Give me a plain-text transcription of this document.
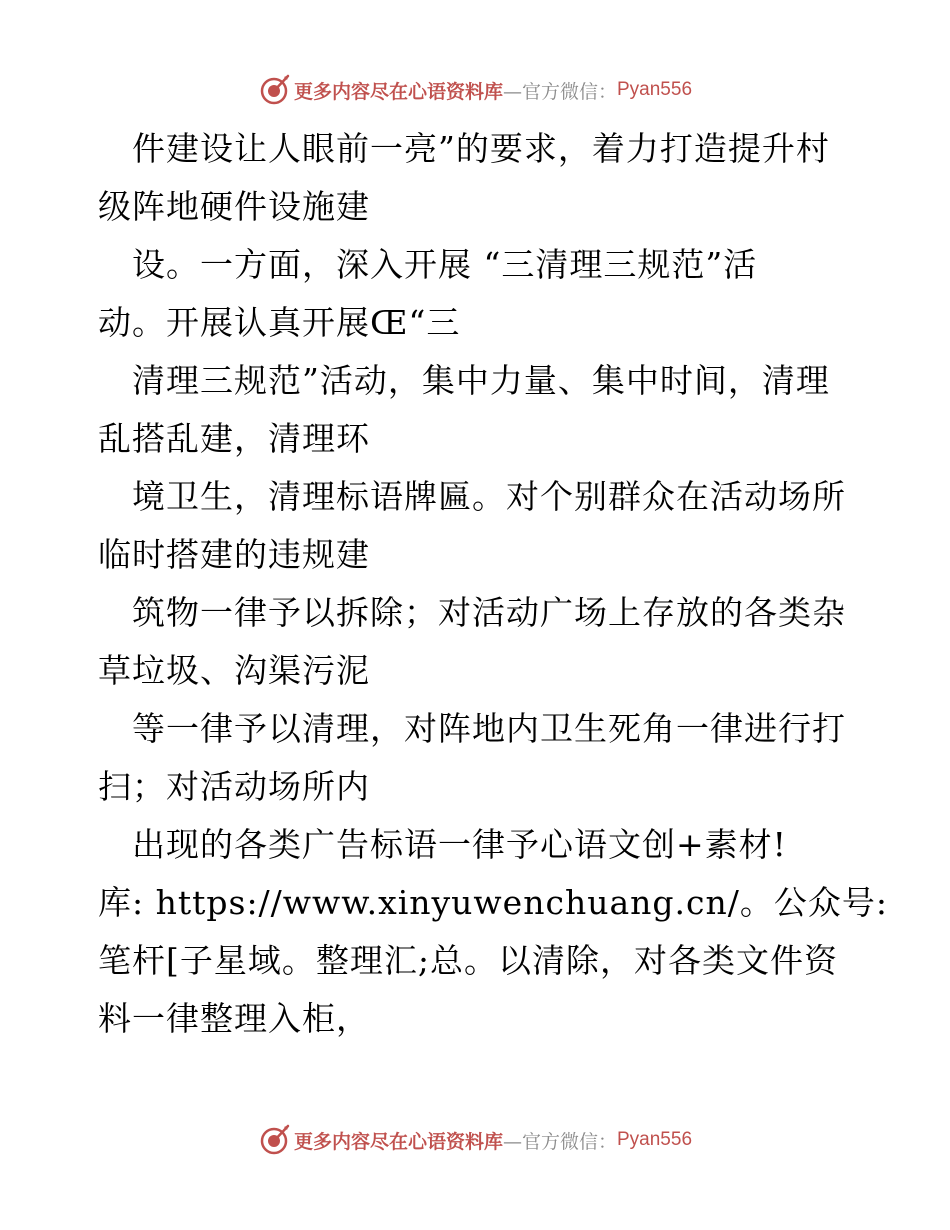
更多内容尽在心语资料库 —官方微信： Pyan556
　件建设让人眼前一亮”的要求，着力打造提升村
级阵地硬件设施建
　设。一方面，深入开展 “三清理三规范”活
动。开展认真开展Œ“三
　清理三规范”活动，集中力量、集中时间，清理
乱搭乱建，清理环
　境卫生，清理标语牌匾。对个别群众在活动场所
临时搭建的违规建
　筑物一律予以拆除；对活动广场上存放的各类杂
草垃圾、沟渠污泥
　等一律予以清理，对阵地内卫生死角一律进行打
扫；对活动场所内
　出现的各类广告标语一律予心语文创+素材!
库: https://www.xinyuwenchuang.cn/。公众号:
笔杆[子星域。整理汇;总。以清除，对各类文件资
料一律整理入柜，
更多内容尽在心语资料库 —官方微信： Pyan556
